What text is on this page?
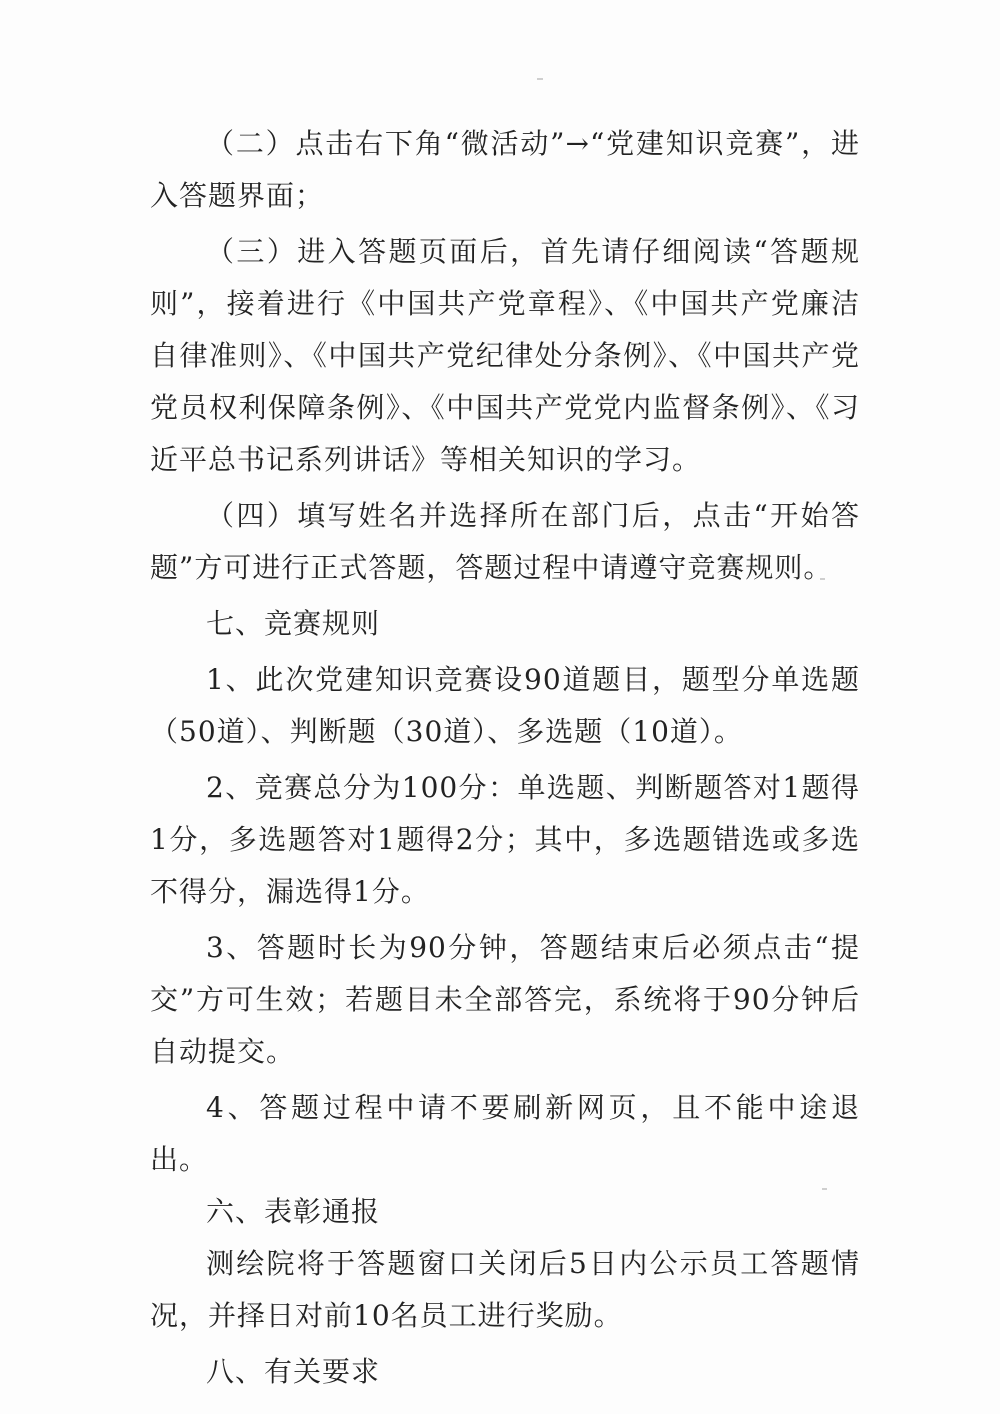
（二）点击右下角“微活动”→“党建知识竞赛”，进入答题界面；

（三）进入答题页面后，首先请仔细阅读“答题规则”，接着进行《中国共产党章程》、《中国共产党廉洁自律准则》、《中国共产党纪律处分条例》、《中国共产党党员权利保障条例》、《中国共产党党内监督条例》、《习近平总书记系列讲话》等相关知识的学习。

（四）填写姓名并选择所在部门后，点击“开始答题”方可进行正式答题，答题过程中请遵守竞赛规则。

七、竞赛规则

1、此次党建知识竞赛设90道题目，题型分单选题（50道）、判断题（30道）、多选题（10道）。

2、竞赛总分为100分：单选题、判断题答对1题得1分，多选题答对1题得2分；其中，多选题错选或多选不得分，漏选得1分。

3、答题时长为90分钟，答题结束后必须点击“提交”方可生效；若题目未全部答完，系统将于90分钟后自动提交。

4、答题过程中请不要刷新网页，且不能中途退出。

六、表彰通报

测绘院将于答题窗口关闭后5日内公示员工答题情况，并择日对前10名员工进行奖励。

八、有关要求
